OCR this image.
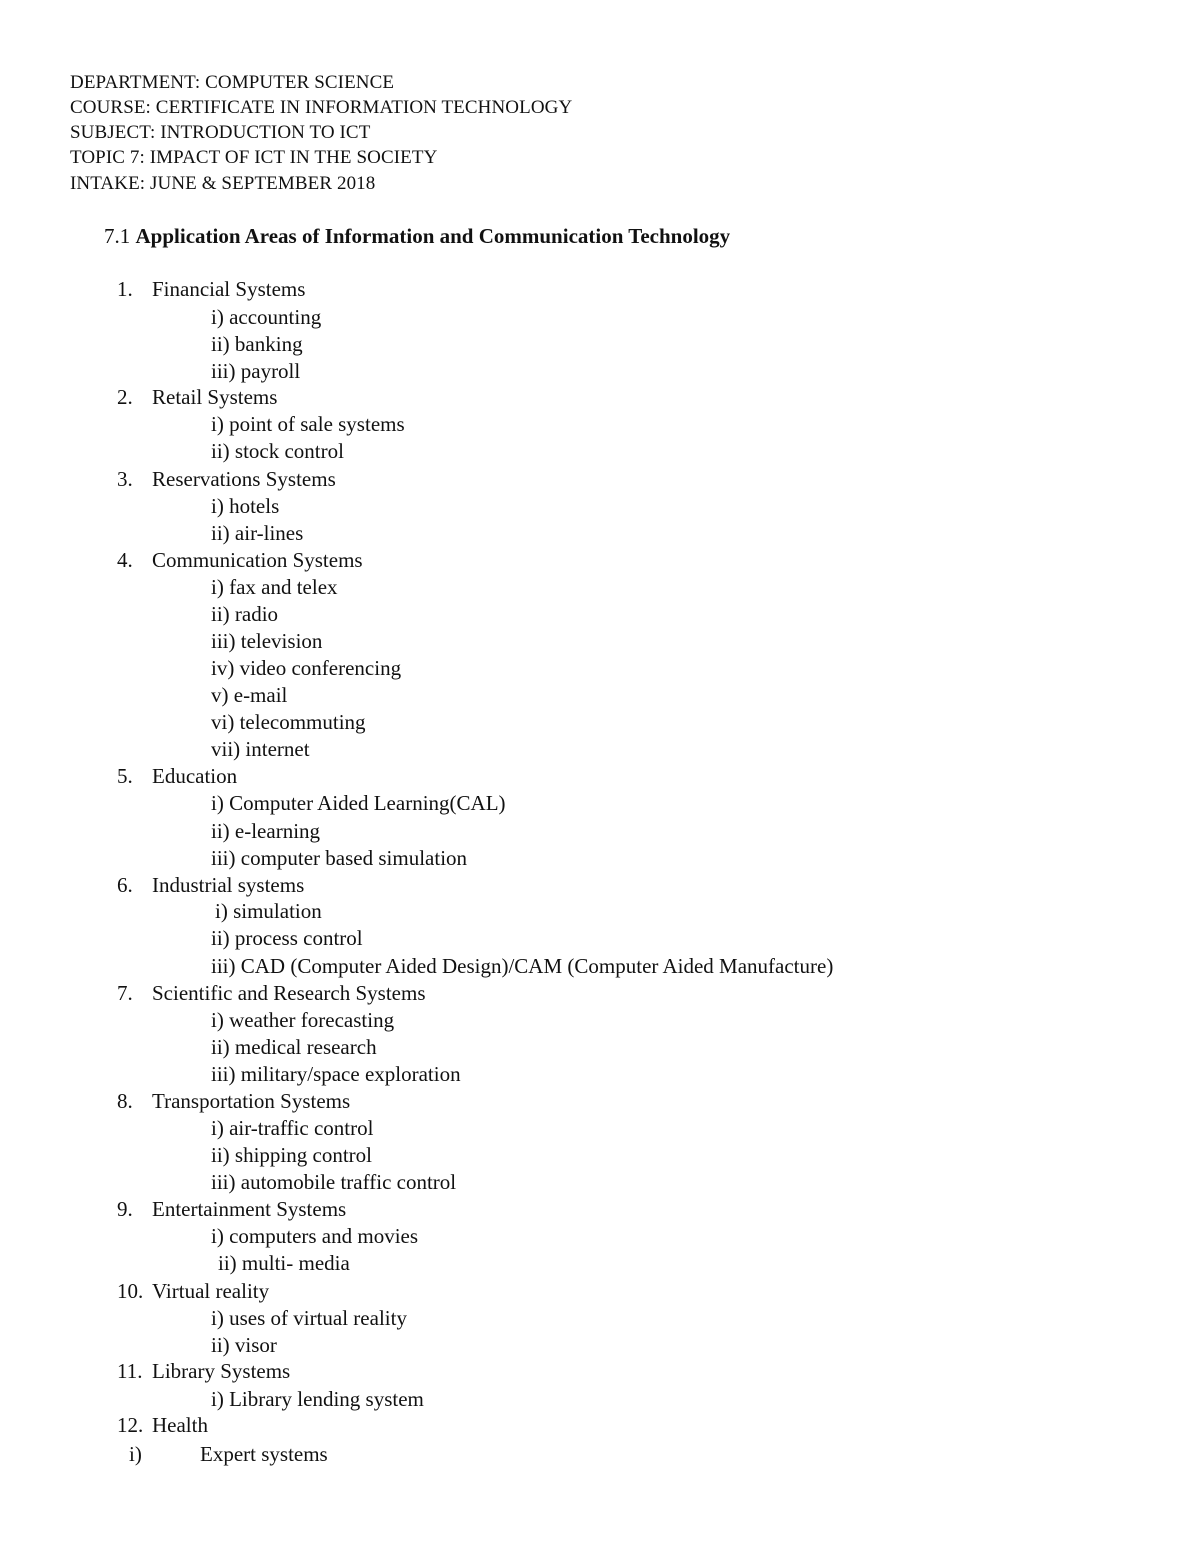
DEPARTMENT: COMPUTER SCIENCE
COURSE: CERTIFICATE IN INFORMATION TECHNOLOGY
SUBJECT: INTRODUCTION TO ICT
TOPIC 7: IMPACT OF ICT IN THE SOCIETY
INTAKE: JUNE & SEPTEMBER 2018
7.1 Application Areas of Information and Communication Technology
1. Financial Systems
i) accounting
ii) banking
iii) payroll
2. Retail Systems
i) point of sale systems
ii) stock control
3. Reservations Systems
i) hotels
ii) air-lines
4. Communication Systems
i) fax and telex
ii) radio
iii) television
iv) video conferencing
v) e-mail
vi) telecommuting
vii) internet
5. Education
i) Computer Aided Learning(CAL)
ii) e-learning
iii) computer based simulation
6. Industrial systems
i) simulation
ii) process control
iii) CAD (Computer Aided Design)/CAM (Computer Aided Manufacture)
7. Scientific and Research Systems
i) weather forecasting
ii) medical research
iii) military/space exploration
8. Transportation Systems
i) air-traffic control
ii) shipping control
iii) automobile traffic control
9. Entertainment Systems
i) computers and movies
ii) multi- media
10. Virtual reality
i) uses of virtual reality
ii) visor
11. Library Systems
i) Library lending system
12. Health
i)	Expert systems
